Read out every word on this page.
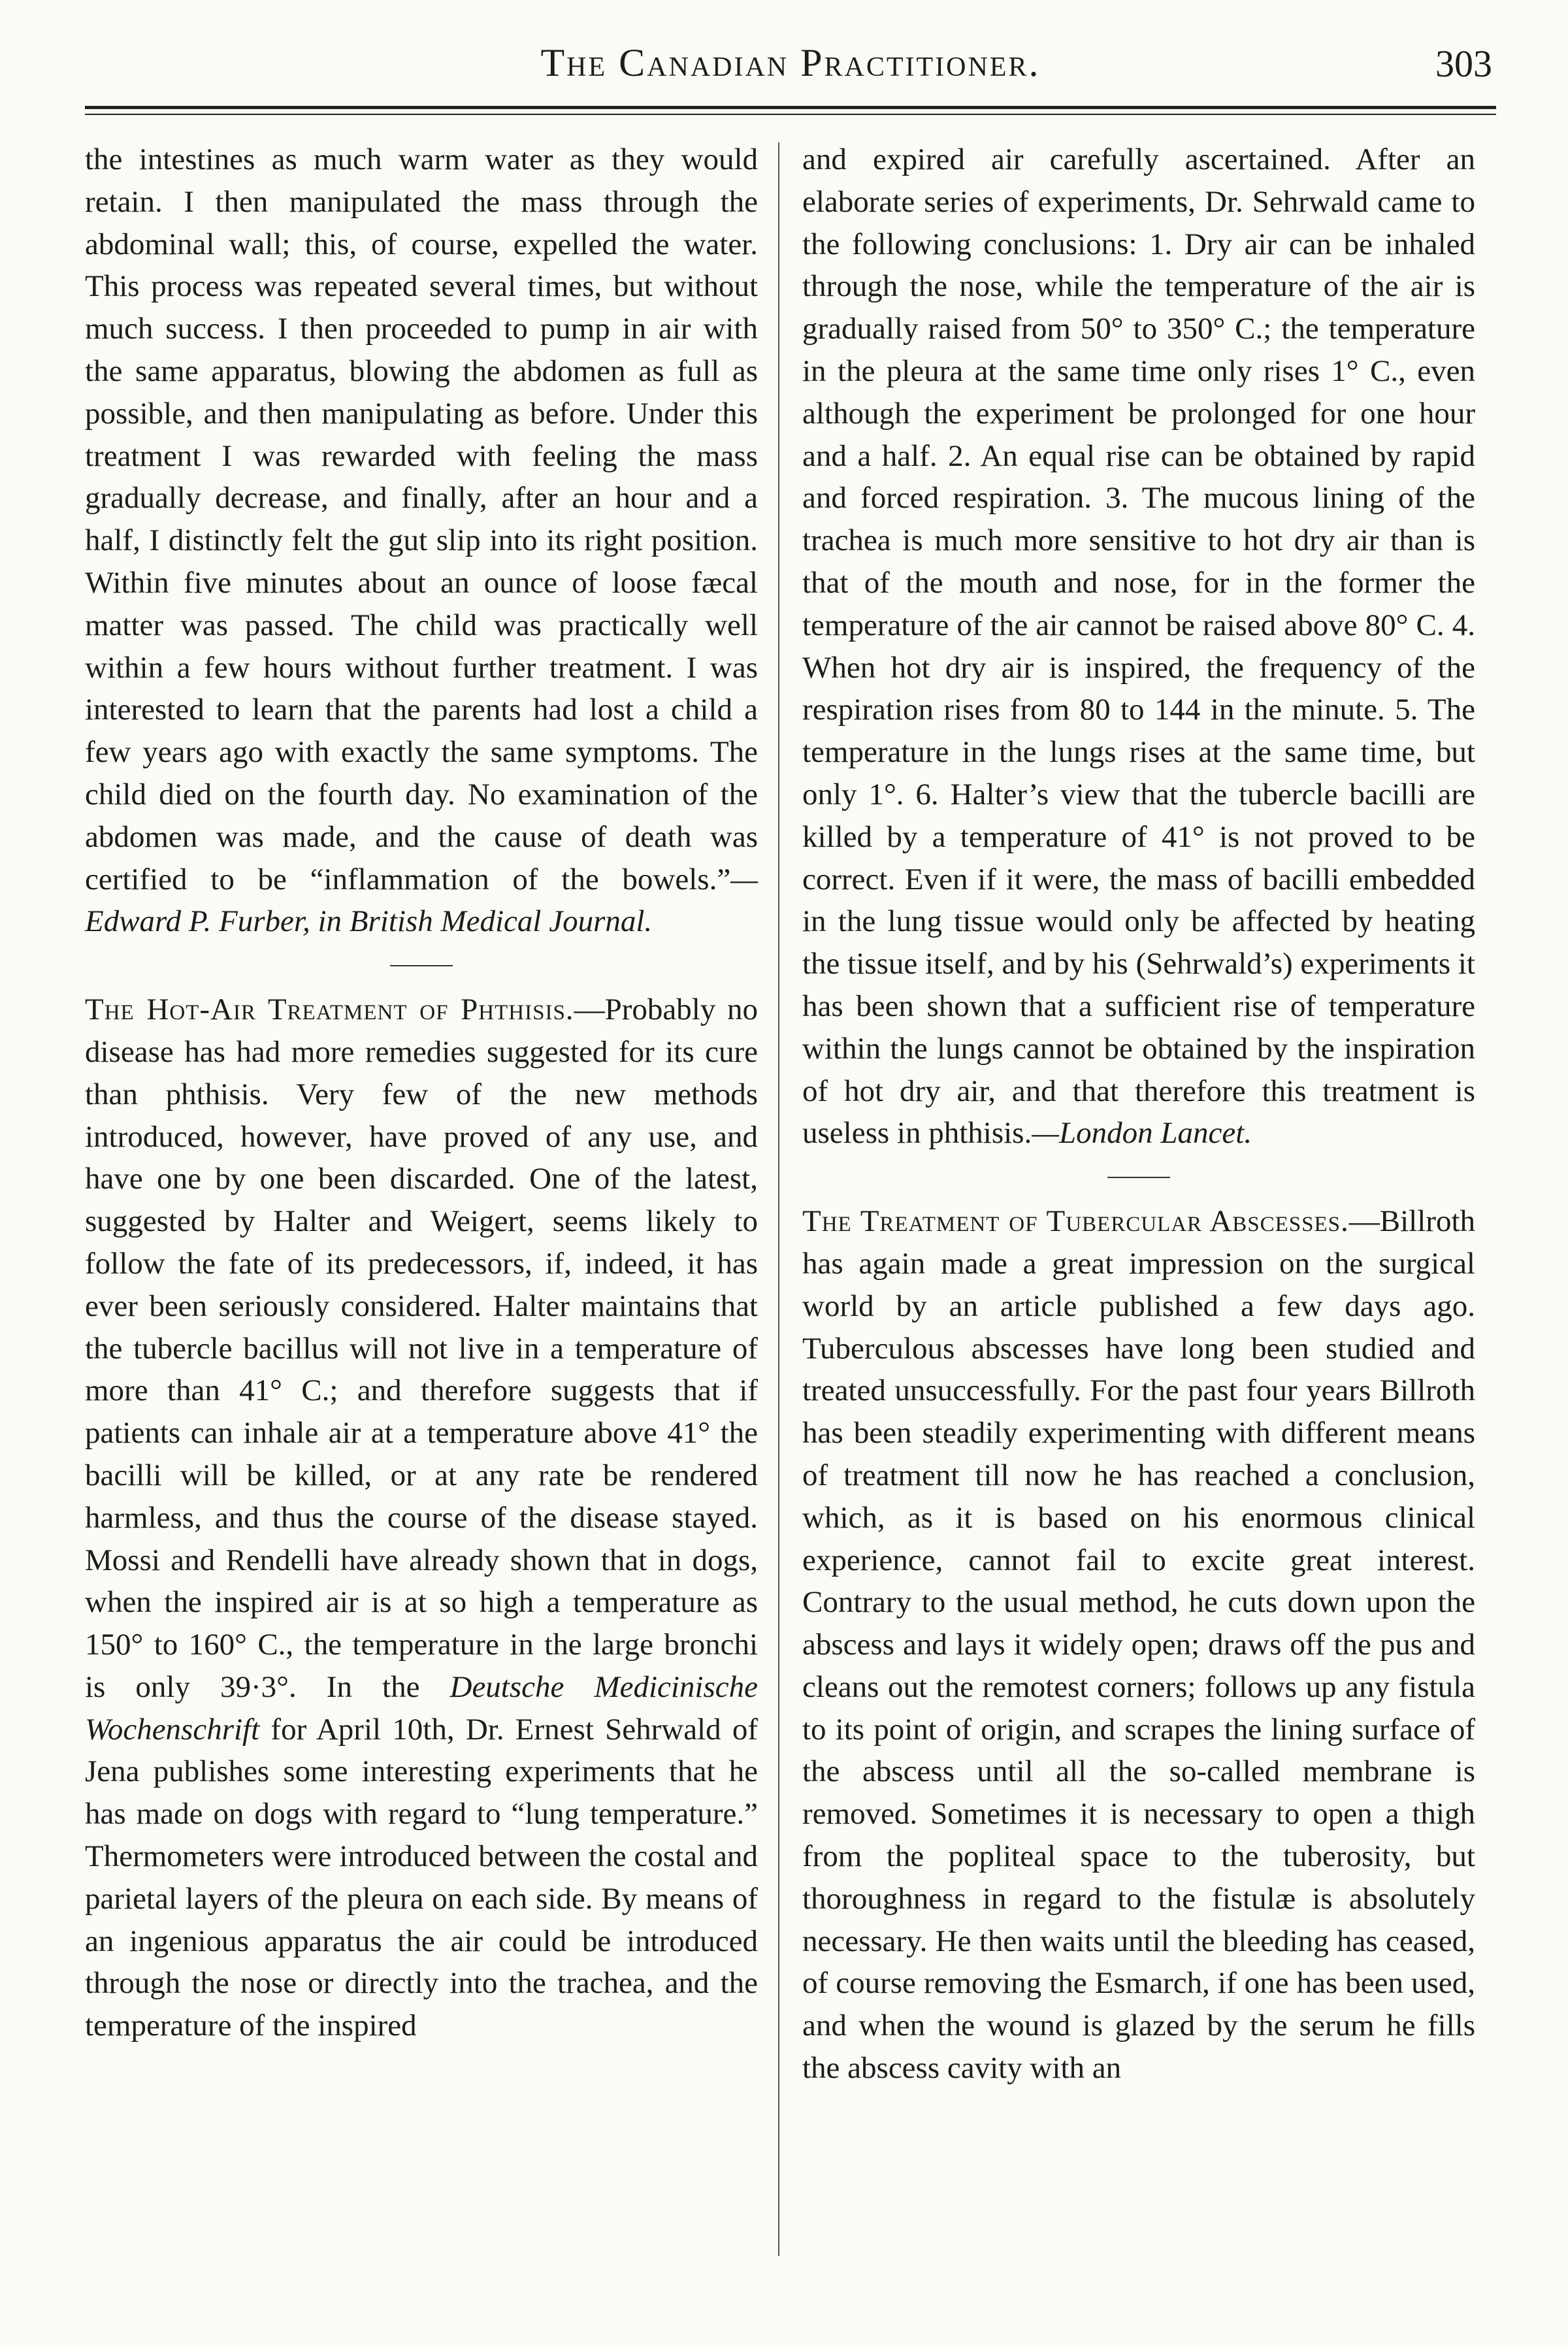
The Canadian Practitioner.	303

the intestines as much warm water as they would retain. I then manipulated the mass through the abdominal wall; this, of course, expelled the water. This process was repeated several times, but without much success. I then proceeded to pump in air with the same apparatus, blowing the abdomen as full as possible, and then manipulating as before. Under this treatment I was rewarded with feeling the mass gradually decrease, and finally, after an hour and a half, I distinctly felt the gut slip into its right position. Within five minutes about an ounce of loose fæcal matter was passed. The child was practically well within a few hours without further treatment. I was interested to learn that the parents had lost a child a few years ago with exactly the same symptoms. The child died on the fourth day. No examination of the abdomen was made, and the cause of death was certified to be “inflammation of the bowels.”—Edward P. Furber, in British Medical Journal.

The Hot-Air Treatment of Phthisis.—Probably no disease has had more remedies suggested for its cure than phthisis. Very few of the new methods introduced, however, have proved of any use, and have one by one been discarded. One of the latest, suggested by Halter and Weigert, seems likely to follow the fate of its predecessors, if, indeed, it has ever been seriously considered. Halter maintains that the tubercle bacillus will not live in a temperature of more than 41° C.; and therefore suggests that if patients can inhale air at a temperature above 41° the bacilli will be killed, or at any rate be rendered harmless, and thus the course of the disease stayed. Mossi and Rendelli have already shown that in dogs, when the inspired air is at so high a temperature as 150° to 160° C., the temperature in the large bronchi is only 39·3°. In the Deutsche Medicinische Wochenschrift for April 10th, Dr. Ernest Sehrwald of Jena publishes some interesting experiments that he has made on dogs with regard to “lung temperature.” Thermometers were introduced between the costal and parietal layers of the pleura on each side. By means of an ingenious apparatus the air could be introduced through the nose or directly into the trachea, and the temperature of the inspired

and expired air carefully ascertained. After an elaborate series of experiments, Dr. Sehrwald came to the following conclusions: 1. Dry air can be inhaled through the nose, while the temperature of the air is gradually raised from 50° to 350° C.; the temperature in the pleura at the same time only rises 1° C., even although the experiment be prolonged for one hour and a half. 2. An equal rise can be obtained by rapid and forced respiration. 3. The mucous lining of the trachea is much more sensitive to hot dry air than is that of the mouth and nose, for in the former the temperature of the air cannot be raised above 80° C. 4. When hot dry air is inspired, the frequency of the respiration rises from 80 to 144 in the minute. 5. The temperature in the lungs rises at the same time, but only 1°. 6. Halter’s view that the tubercle bacilli are killed by a temperature of 41° is not proved to be correct. Even if it were, the mass of bacilli embedded in the lung tissue would only be affected by heating the tissue itself, and by his (Sehrwald’s) experiments it has been shown that a sufficient rise of temperature within the lungs cannot be obtained by the inspiration of hot dry air, and that therefore this treatment is useless in phthisis.—London Lancet.

The Treatment of Tubercular Abscesses.—Billroth has again made a great impression on the surgical world by an article published a few days ago. Tuberculous abscesses have long been studied and treated unsuccessfully. For the past four years Billroth has been steadily experimenting with different means of treatment till now he has reached a conclusion, which, as it is based on his enormous clinical experience, cannot fail to excite great interest. Contrary to the usual method, he cuts down upon the abscess and lays it widely open; draws off the pus and cleans out the remotest corners; follows up any fistula to its point of origin, and scrapes the lining surface of the abscess until all the so-called membrane is removed. Sometimes it is necessary to open a thigh from the popliteal space to the tuberosity, but thoroughness in regard to the fistulæ is absolutely necessary. He then waits until the bleeding has ceased, of course removing the Esmarch, if one has been used, and when the wound is glazed by the serum he fills the abscess cavity with an
